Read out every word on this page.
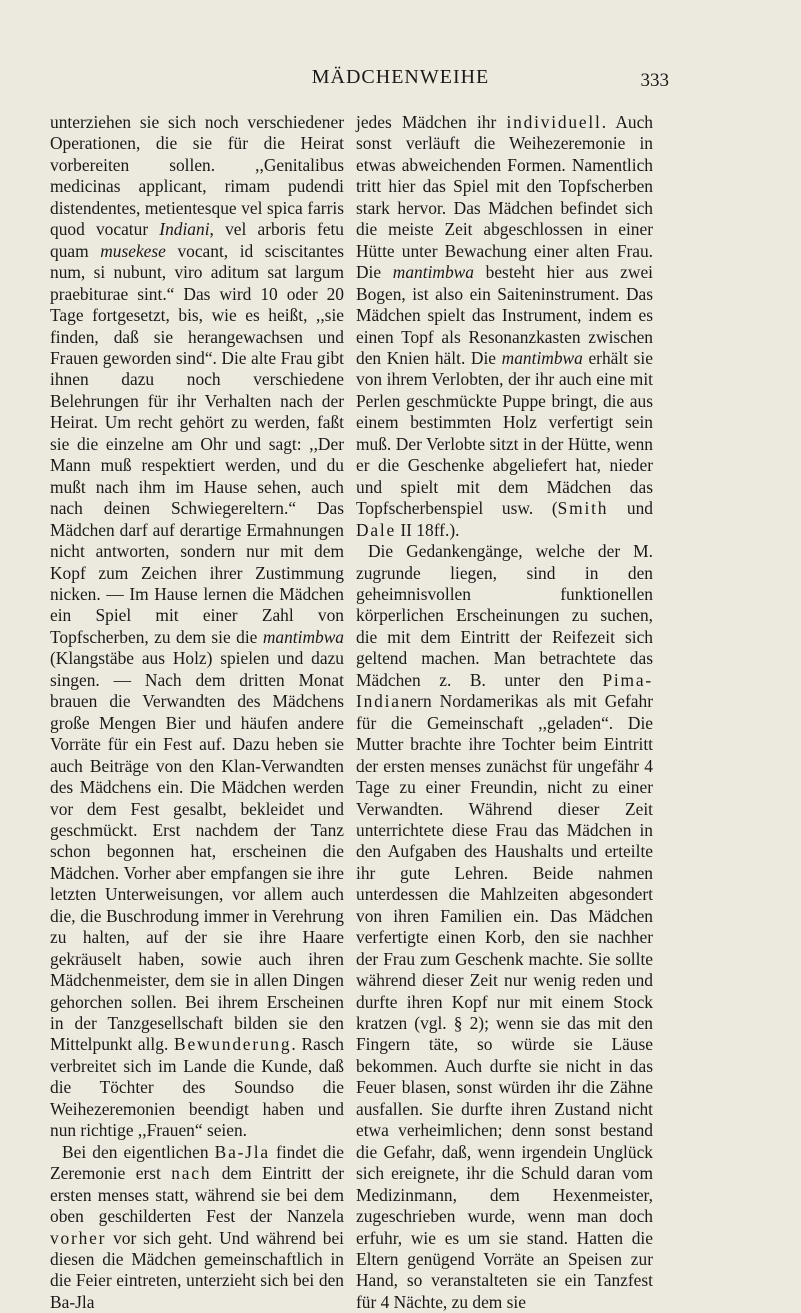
MÄDCHENWEIHE	333

unterziehen sie sich noch verschiedener Operationen, die sie für die Heirat vorbereiten sollen. ,,Genitalibus medicinas applicant, rimam pudendi distendentes, metientesque vel spica farris quod vocatur Indiani, vel arboris fetu quam musekese vocant, id sciscitantes num, si nubunt, viro aditum sat largum praebiturae sint.“ Das wird 10 oder 20 Tage fortgesetzt, bis, wie es heißt, ,,sie finden, daß sie herangewachsen und Frauen geworden sind“. Die alte Frau gibt ihnen dazu noch verschiedene Belehrungen für ihr Verhalten nach der Heirat. Um recht gehört zu werden, faßt sie die einzelne am Ohr und sagt: ,,Der Mann muß respektiert werden, und du mußt nach ihm im Hause sehen, auch nach deinen Schwiegereltern.“ Das Mädchen darf auf derartige Ermahnungen nicht antworten, sondern nur mit dem Kopf zum Zeichen ihrer Zustimmung nicken. — Im Hause lernen die Mädchen ein Spiel mit einer Zahl von Topfscherben, zu dem sie die mantimbwa (Klangstäbe aus Holz) spielen und dazu singen. — Nach dem dritten Monat brauen die Verwandten des Mädchens große Mengen Bier und häufen andere Vorräte für ein Fest auf. Dazu heben sie auch Beiträge von den Klan-Verwandten des Mädchens ein. Die Mädchen werden vor dem Fest gesalbt, bekleidet und geschmückt. Erst nachdem der Tanz schon begonnen hat, erscheinen die Mädchen. Vorher aber empfangen sie ihre letzten Unterweisungen, vor allem auch die, die Buschrodung immer in Verehrung zu halten, auf der sie ihre Haare gekräuselt haben, sowie auch ihren Mädchenmeister, dem sie in allen Dingen gehorchen sollen. Bei ihrem Erscheinen in der Tanzgesellschaft bilden sie den Mittelpunkt allg. Bewunderung. Rasch verbreitet sich im Lande die Kunde, daß die Töchter des Soundso die Weihezeremonien beendigt haben und nun richtige ,,Frauen“ seien.

Bei den eigentlichen Ba-Jla findet die Zeremonie erst nach dem Eintritt der ersten menses statt, während sie bei dem oben geschilderten Fest der Nanzela vorher vor sich geht. Und während bei diesen die Mädchen gemeinschaftlich in die Feier eintreten, unterzieht sich bei den Ba-Jla

jedes Mädchen ihr individuell. Auch sonst verläuft die Weihezeremonie in etwas abweichenden Formen. Namentlich tritt hier das Spiel mit den Topfscherben stark hervor. Das Mädchen befindet sich die meiste Zeit abgeschlossen in einer Hütte unter Bewachung einer alten Frau. Die mantimbwa besteht hier aus zwei Bogen, ist also ein Saiteninstrument. Das Mädchen spielt das Instrument, indem es einen Topf als Resonanzkasten zwischen den Knien hält. Die mantimbwa erhält sie von ihrem Verlobten, der ihr auch eine mit Perlen geschmückte Puppe bringt, die aus einem bestimmten Holz verfertigt sein muß. Der Verlobte sitzt in der Hütte, wenn er die Geschenke abgeliefert hat, nieder und spielt mit dem Mädchen das Topfscherbenspiel usw. (Smith und Dale II 18ff.).

Die Gedankengänge, welche der M. zugrunde liegen, sind in den geheimnisvollen funktionellen körperlichen Erscheinungen zu suchen, die mit dem Eintritt der Reifezeit sich geltend machen. Man betrachtete das Mädchen z. B. unter den Pima-Indianern Nordamerikas als mit Gefahr für die Gemeinschaft ,,geladen“. Die Mutter brachte ihre Tochter beim Eintritt der ersten menses zunächst für ungefähr 4 Tage zu einer Freundin, nicht zu einer Verwandten. Während dieser Zeit unterrichtete diese Frau das Mädchen in den Aufgaben des Haushalts und erteilte ihr gute Lehren. Beide nahmen unterdessen die Mahlzeiten abgesondert von ihren Familien ein. Das Mädchen verfertigte einen Korb, den sie nachher der Frau zum Geschenk machte. Sie sollte während dieser Zeit nur wenig reden und durfte ihren Kopf nur mit einem Stock kratzen (vgl. § 2); wenn sie das mit den Fingern täte, so würde sie Läuse bekommen. Auch durfte sie nicht in das Feuer blasen, sonst würden ihr die Zähne ausfallen. Sie durfte ihren Zustand nicht etwa verheimlichen; denn sonst bestand die Gefahr, daß, wenn irgendein Unglück sich ereignete, ihr die Schuld daran vom Medizinmann, dem Hexenmeister, zugeschrieben wurde, wenn man doch erfuhr, wie es um sie stand. Hatten die Eltern genügend Vorräte an Speisen zur Hand, so veranstalteten sie ein Tanzfest für 4 Nächte, zu dem sie
